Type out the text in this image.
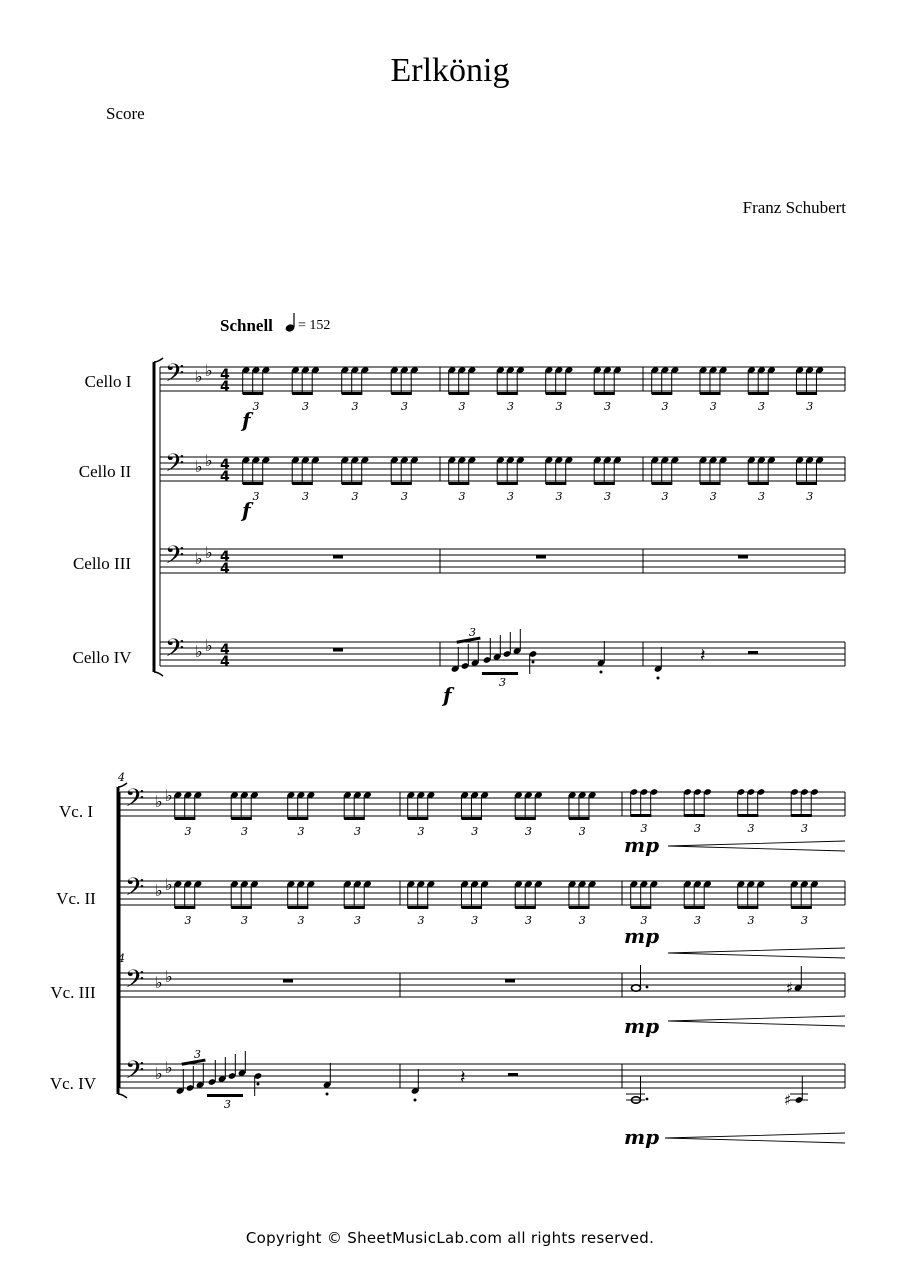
Erlkönig
Score
Franz Schubert
Schnell = 152
Cello I
Cello II
Cello III
Cello IV
Vc. I
Vc. II
Vc. III
Vc. IV
𝄢 ♭ ♭ 4
4
𝄢 ♭ ♭ 4
4
𝄢 ♭ ♭ 4
4
𝄢 ♭ ♭ 4
4
3	3	3	3	3	3	3	3	3	3	3	3
3	3	3	3	3	3	3	3	3	3	3	3
f
f
3
3
f
𝄽
4
4
𝄢 ♭ ♭
𝄢 ♭ ♭
𝄢 ♭ ♭
𝄢 ♭ ♭
3	3	3	3	3	3	3	3
3	3	3	3	3	3	3	3
3	3	3	3
3	3	3	3
mp
mp
♯
mp
3
3
𝄽
♯
mp
Copyright © SheetMusicLab.com all rights reserved.
